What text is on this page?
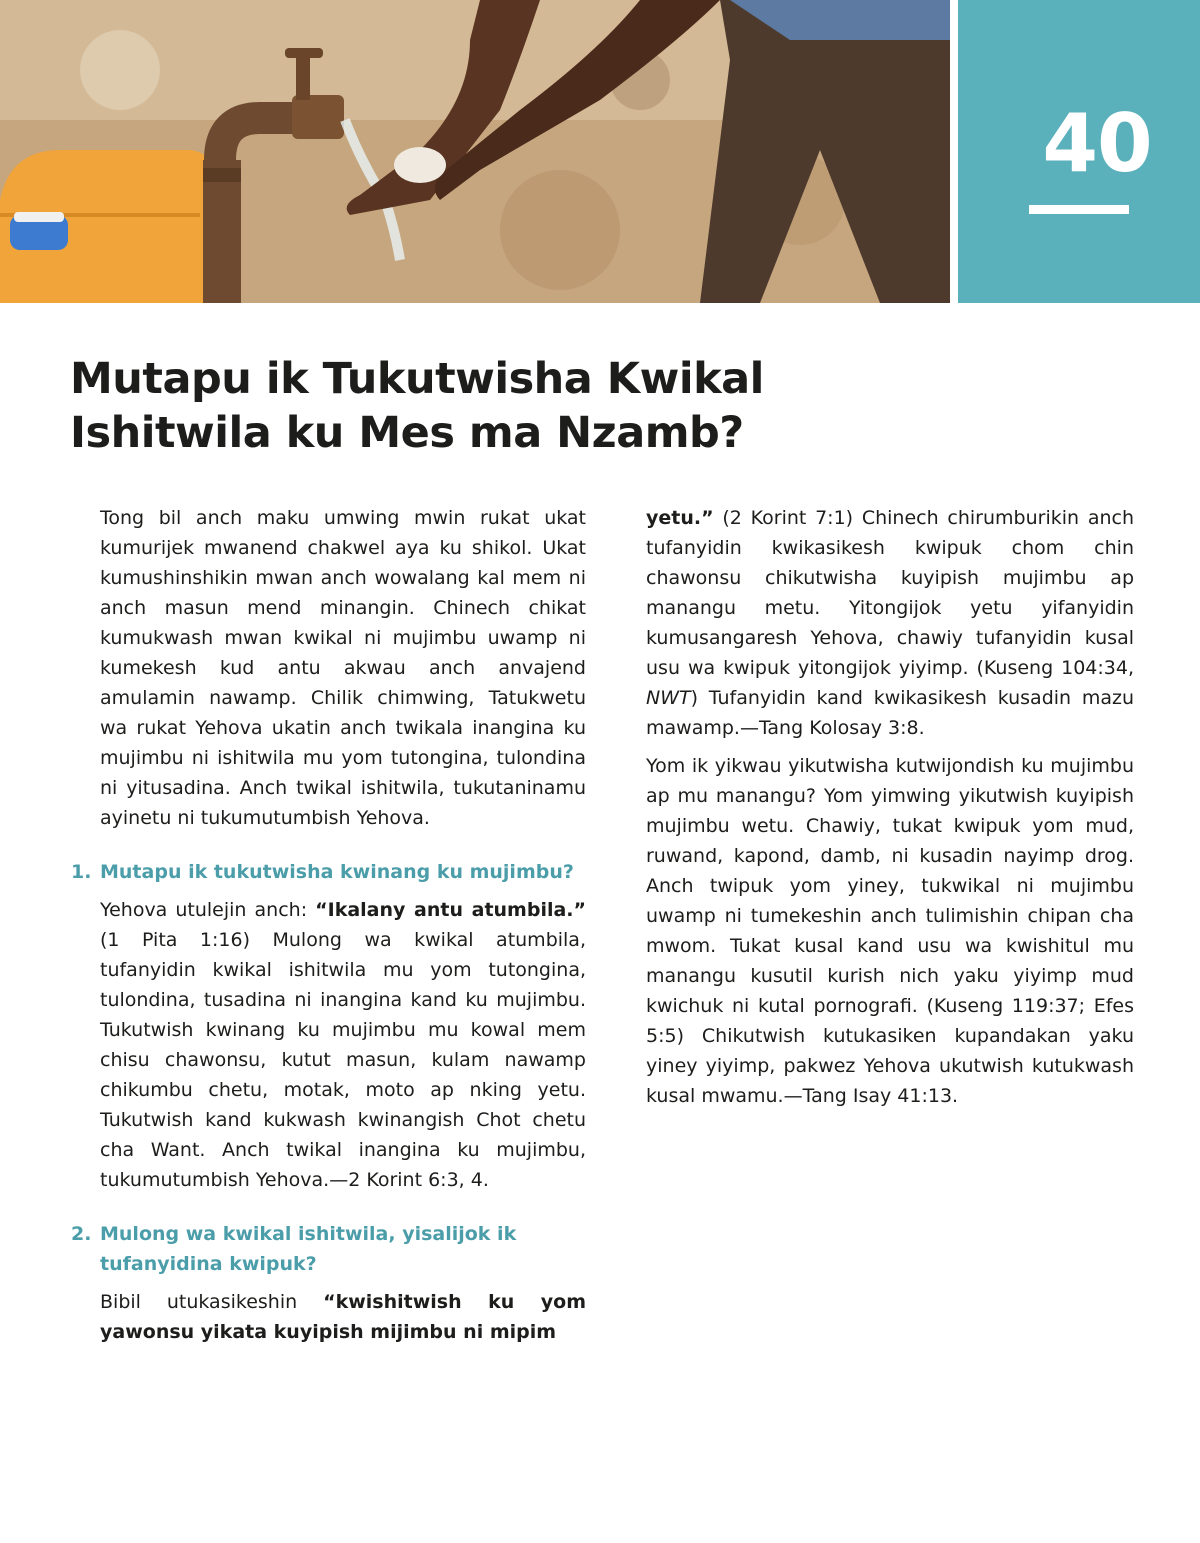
40
Mutapu ik Tukutwisha Kwikal Ishitwila ku Mes ma Nzamb?

Tong bil anch maku umwing mwin rukat ukat kumurijek mwanend chakwel aya ku shikol. Ukat kumushinshikin mwan anch wowalang kal mem ni anch masun mend minangin. Chinech chikat kumukwash mwan kwikal ni mujimbu uwamp ni kumekesh kud antu akwau anch anvajend amulamin nawamp. Chilik chimwing, Tatukwetu wa rukat Yehova ukatin anch twikala inangina ku mujimbu ni ishitwila mu yom tutongina, tulondina ni yitusadina. Anch twikal ishitwila, tukutaninamu ayinetu ni tukumutumbish Yehova.

1. Mutapu ik tukutwisha kwinang ku mujimbu?

Yehova utulejin anch: “Ikalany antu atumbila.” (1 Pita 1:16) Mulong wa kwikal atumbila, tufanyidin kwikal ishitwila mu yom tutongina, tulondina, tusadina ni inangina kand ku mujimbu. Tukutwish kwinang ku mujimbu mu kowal mem chisu chawonsu, kutut masun, kulam nawamp chikumbu chetu, motak, moto ap nking yetu. Tukutwish kand kukwash kwinangish Chot chetu cha Want. Anch twikal inangina ku mujimbu, tukumutumbish Yehova.—2 Korint 6:3, 4.

2. Mulong wa kwikal ishitwila, yisalijok ik tufanyidina kwipuk?

Bibil utukasikeshin “kwishitwish ku yom yawonsu yikata kuyipish mijimbu ni mipim

yetu.” (2 Korint 7:1) Chinech chirumburikin anch tufanyidin kwikasikesh kwipuk chom chin chawonsu chikutwisha kuyipish mujimbu ap manangu metu. Yitongijok yetu yifanyidin kumusangaresh Yehova, chawiy tufanyidin kusal usu wa kwipuk yitongijok yiyimp. (Kuseng 104:34, NWT) Tufanyidin kand kwikasikesh kusadin mazu mawamp.—Tang Kolosay 3:8.

Yom ik yikwau yikutwisha kutwijondish ku mujimbu ap mu manangu? Yom yimwing yikutwish kuyipish mujimbu wetu. Chawiy, tukat kwipuk yom mud, ruwand, kapond, damb, ni kusadin nayimp drog. Anch twipuk yom yiney, tukwikal ni mujimbu uwamp ni tumekeshin anch tulimishin chipan cha mwom. Tukat kusal kand usu wa kwishitul mu manangu kusutil kurish nich yaku yiyimp mud kwichuk ni kutal pornografi. (Kuseng 119:37; Efes 5:5) Chikutwish kutukasiken kupandakan yaku yiney yiyimp, pakwez Yehova ukutwish kutukwash kusal mwamu.—Tang Isay 41:13.
